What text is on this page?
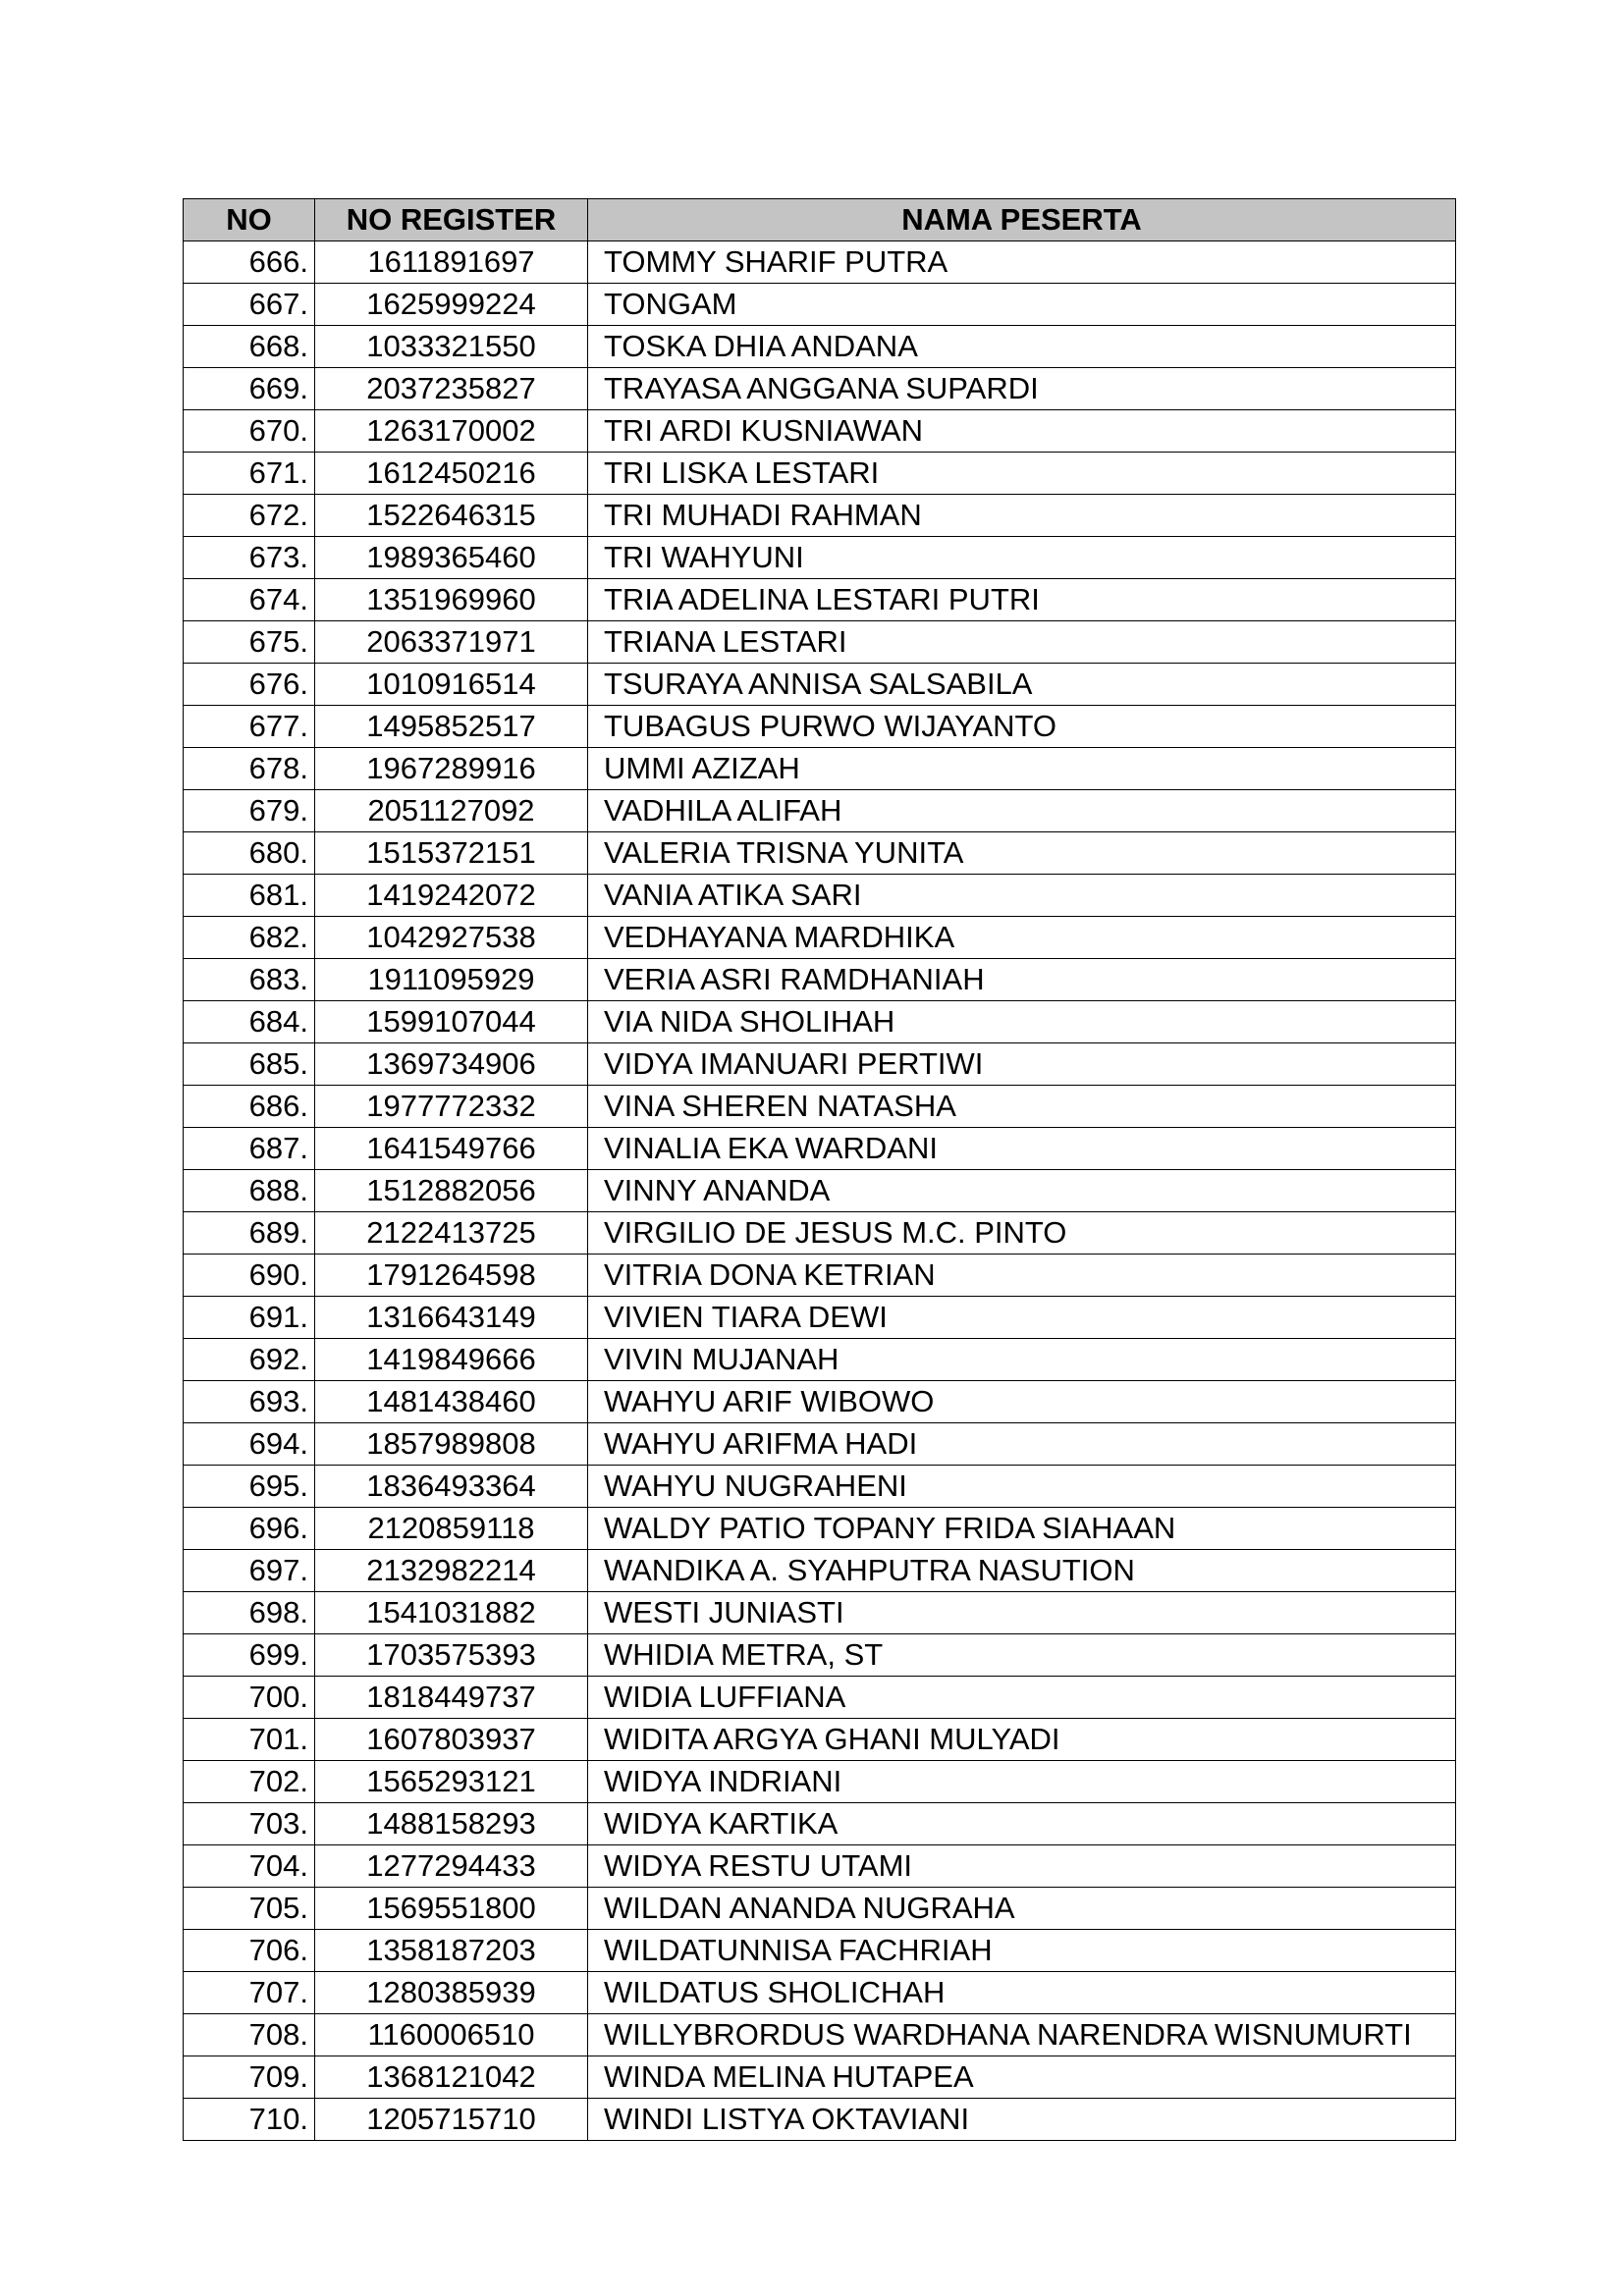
NO	NO REGISTER	NAMA PESERTA
666.	1611891697	TOMMY SHARIF PUTRA
667.	1625999224	TONGAM
668.	1033321550	TOSKA DHIA ANDANA
669.	2037235827	TRAYASA ANGGANA SUPARDI
670.	1263170002	TRI ARDI KUSNIAWAN
671.	1612450216	TRI LISKA LESTARI
672.	1522646315	TRI MUHADI RAHMAN
673.	1989365460	TRI WAHYUNI
674.	1351969960	TRIA ADELINA LESTARI PUTRI
675.	2063371971	TRIANA LESTARI
676.	1010916514	TSURAYA ANNISA SALSABILA
677.	1495852517	TUBAGUS PURWO WIJAYANTO
678.	1967289916	UMMI AZIZAH
679.	2051127092	VADHILA ALIFAH
680.	1515372151	VALERIA TRISNA YUNITA
681.	1419242072	VANIA ATIKA SARI
682.	1042927538	VEDHAYANA MARDHIKA
683.	1911095929	VERIA ASRI RAMDHANIAH
684.	1599107044	VIA NIDA SHOLIHAH
685.	1369734906	VIDYA IMANUARI PERTIWI
686.	1977772332	VINA SHEREN NATASHA
687.	1641549766	VINALIA EKA WARDANI
688.	1512882056	VINNY ANANDA
689.	2122413725	VIRGILIO DE JESUS M.C. PINTO
690.	1791264598	VITRIA DONA KETRIAN
691.	1316643149	VIVIEN TIARA DEWI
692.	1419849666	VIVIN MUJANAH
693.	1481438460	WAHYU ARIF WIBOWO
694.	1857989808	WAHYU ARIFMA HADI
695.	1836493364	WAHYU NUGRAHENI
696.	2120859118	WALDY PATIO TOPANY FRIDA SIAHAAN
697.	2132982214	WANDIKA A. SYAHPUTRA NASUTION
698.	1541031882	WESTI JUNIASTI
699.	1703575393	WHIDIA METRA, ST
700.	1818449737	WIDIA LUFFIANA
701.	1607803937	WIDITA ARGYA GHANI MULYADI
702.	1565293121	WIDYA INDRIANI
703.	1488158293	WIDYA KARTIKA
704.	1277294433	WIDYA RESTU UTAMI
705.	1569551800	WILDAN ANANDA NUGRAHA
706.	1358187203	WILDATUNNISA FACHRIAH
707.	1280385939	WILDATUS SHOLICHAH
708.	1160006510	WILLYBRORDUS WARDHANA NARENDRA WISNUMURTI
709.	1368121042	WINDA MELINA HUTAPEA
710.	1205715710	WINDI LISTYA OKTAVIANI
